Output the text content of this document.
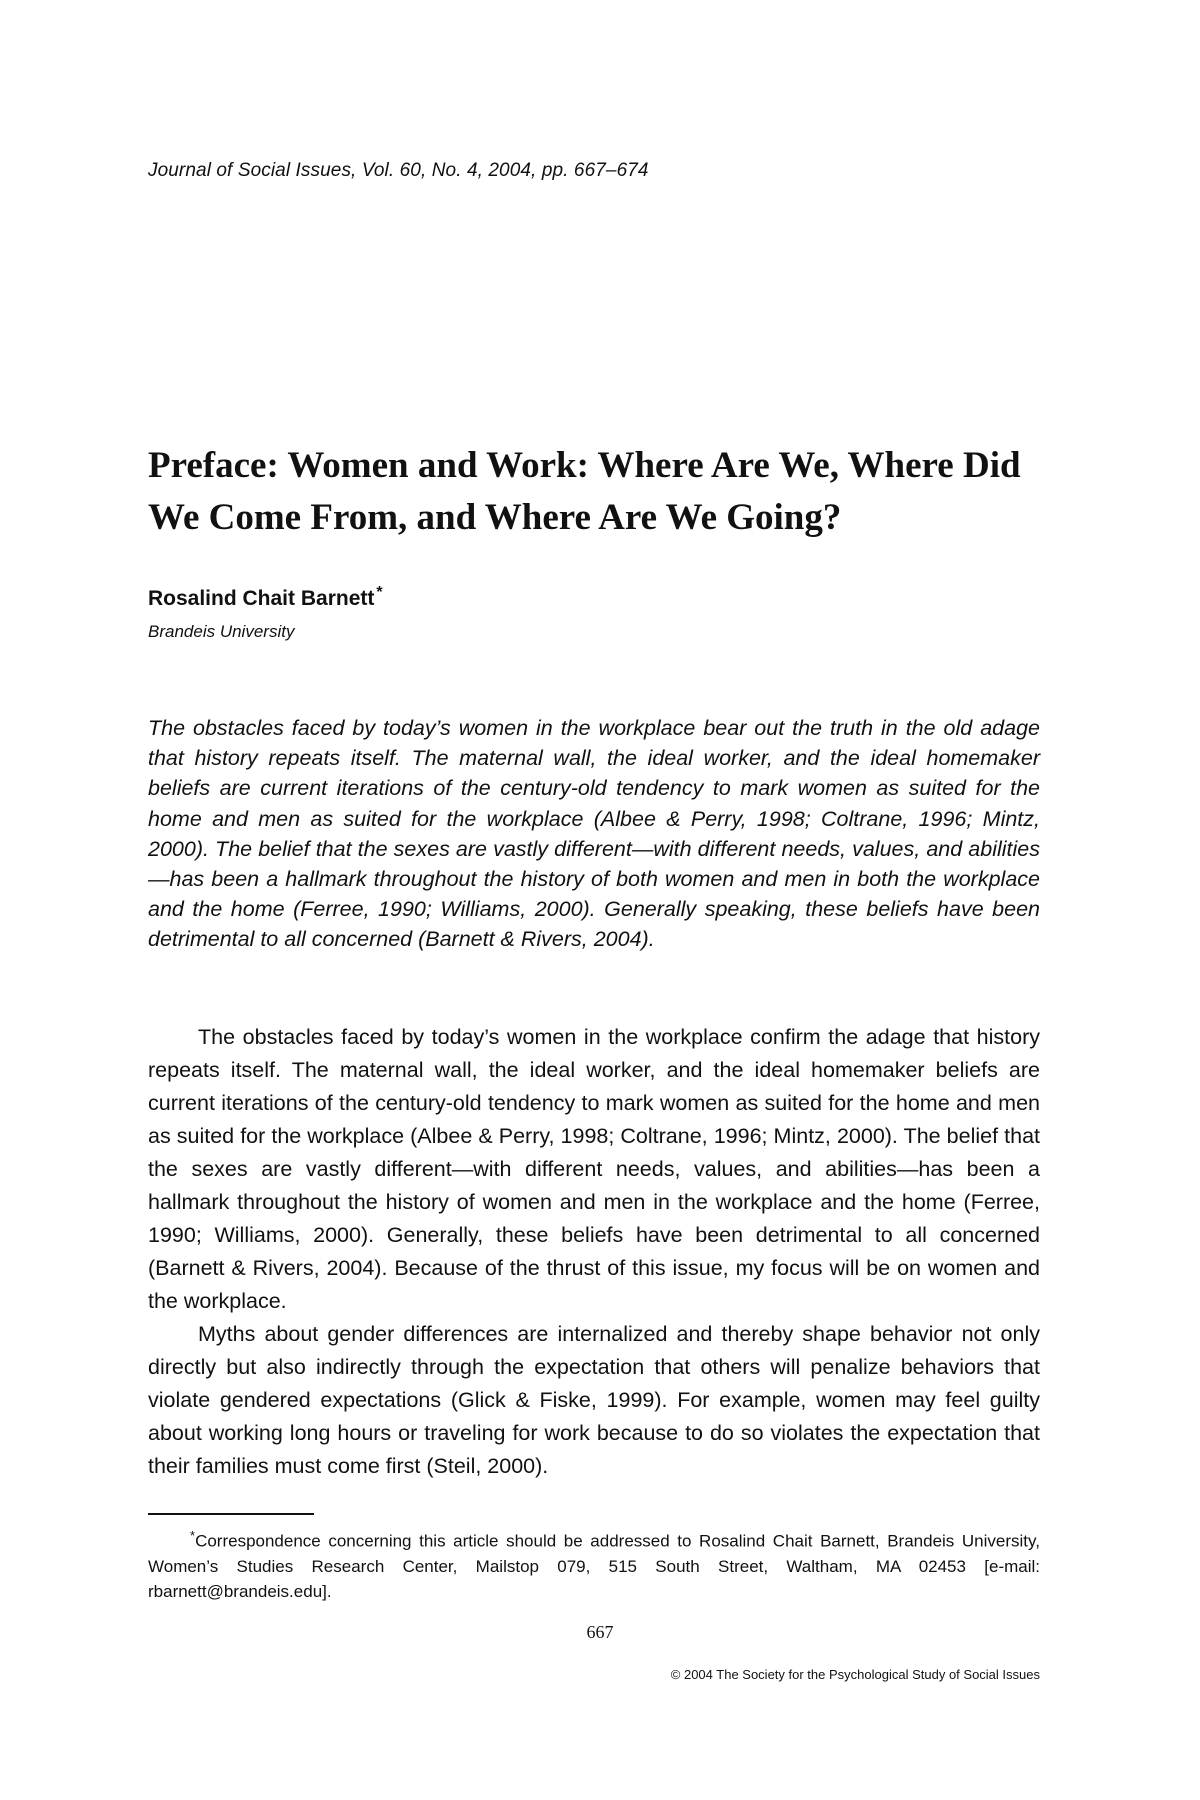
Journal of Social Issues, Vol. 60, No. 4, 2004, pp. 667–674
Preface: Women and Work: Where Are We, Where Did We Come From, and Where Are We Going?
Rosalind Chait Barnett *
Brandeis University

The obstacles faced by today’s women in the workplace bear out the truth in the old adage that history repeats itself. The maternal wall, the ideal worker, and the ideal homemaker beliefs are current iterations of the century-old tendency to mark women as suited for the home and men as suited for the workplace (Albee & Perry, 1998; Coltrane, 1996; Mintz, 2000). The belief that the sexes are vastly different—with different needs, values, and abilities—has been a hallmark throughout the history of both women and men in both the workplace and the home (Ferree, 1990; Williams, 2000). Generally speaking, these beliefs have been detrimental to all concerned (Barnett & Rivers, 2004).

The obstacles faced by today’s women in the workplace confirm the adage that history repeats itself. The maternal wall, the ideal worker, and the ideal homemaker beliefs are current iterations of the century-old tendency to mark women as suited for the home and men as suited for the workplace (Albee & Perry, 1998; Coltrane, 1996; Mintz, 2000). The belief that the sexes are vastly different—with different needs, values, and abilities—has been a hallmark throughout the history of women and men in the workplace and the home (Ferree, 1990; Williams, 2000). Generally, these beliefs have been detrimental to all concerned (Barnett & Rivers, 2004). Because of the thrust of this issue, my focus will be on women and the workplace.

Myths about gender differences are internalized and thereby shape behavior not only directly but also indirectly through the expectation that others will penalize behaviors that violate gendered expectations (Glick & Fiske, 1999). For example, women may feel guilty about working long hours or traveling for work because to do so violates the expectation that their families must come first (Steil, 2000).

*Correspondence concerning this article should be addressed to Rosalind Chait Barnett, Brandeis University, Women’s Studies Research Center, Mailstop 079, 515 South Street, Waltham, MA 02453 [e-mail: rbarnett@brandeis.edu].

667
© 2004 The Society for the Psychological Study of Social Issues
